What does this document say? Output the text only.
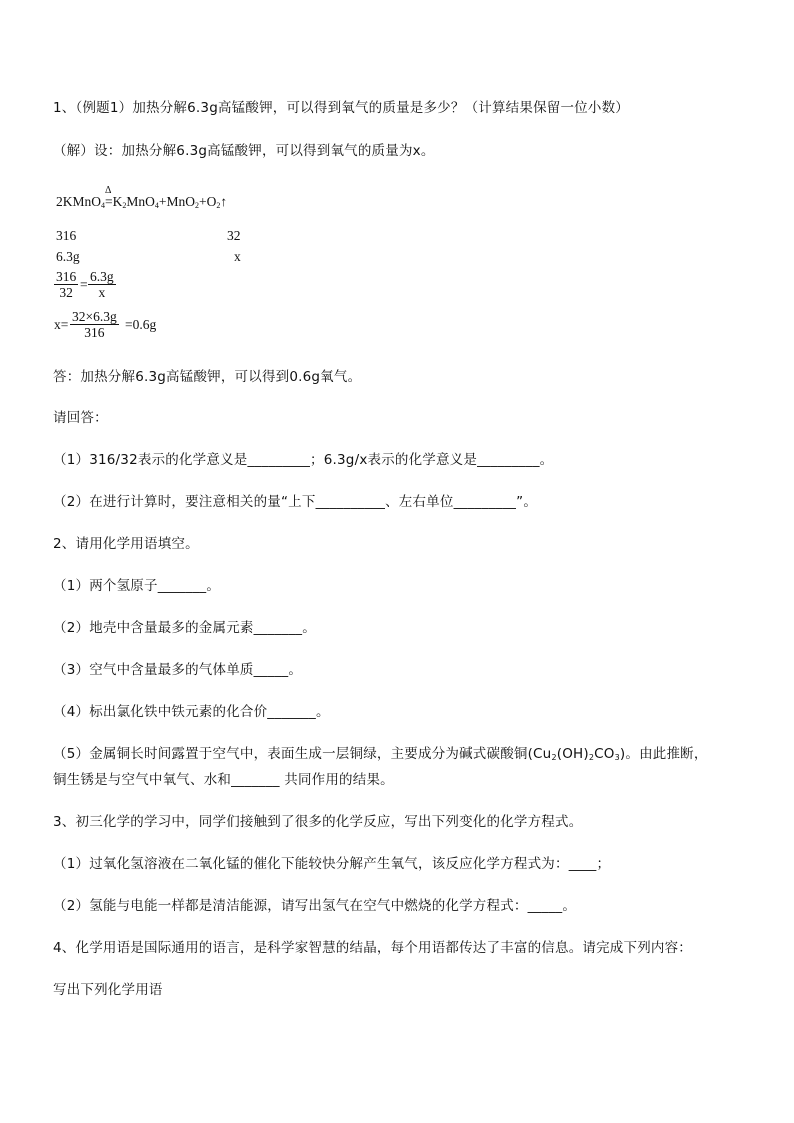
1、（例题1）加热分解6.3g高锰酸钾，可以得到氧气的质量是多少？（计算结果保留一位小数）
（解）设：加热分解6.3g高锰酸钾，可以得到氧气的质量为x。
2KMnO$_4$
Δ
$=K_2MnO_4+MnO_2+O_2↑$
316	32
6.3g	x
$\frac{316}{32} = \frac{6.3g}{x}$
$x= \frac{32\times 6.3g}{316} =0.6g$
答：加热分解6.3g高锰酸钾，可以得到0.6g氧气。
请回答：
（1）316/32表示的化学意义是_________；6.3g/x表示的化学意义是_________。
（2）在进行计算时，要注意相关的量“上下__________、左右单位_________”。
2、请用化学用语填空。
（1）两个氢原子_______。
（2）地壳中含量最多的金属元素_______。
（3）空气中含量最多的气体单质_____。
（4）标出氯化铁中铁元素的化合价_______。
（5）金属铜长时间露置于空气中，表面生成一层铜绿，主要成分为碱式碳酸铜$(Cu_2(OH)_2CO_3)$。由此推断，
铜生锈是与空气中氧气、水和_______ 共同作用的结果。
3、初三化学的学习中，同学们接触到了很多的化学反应，写出下列变化的化学方程式。
（1）过氧化氢溶液在二氧化锰的催化下能较快分解产生氧气，该反应化学方程式为：____；
（2）氢能与电能一样都是清洁能源，请写出氢气在空气中燃烧的化学方程式：_____。
4、化学用语是国际通用的语言，是科学家智慧的结晶，每个用语都传达了丰富的信息。请完成下列内容：
写出下列化学用语
